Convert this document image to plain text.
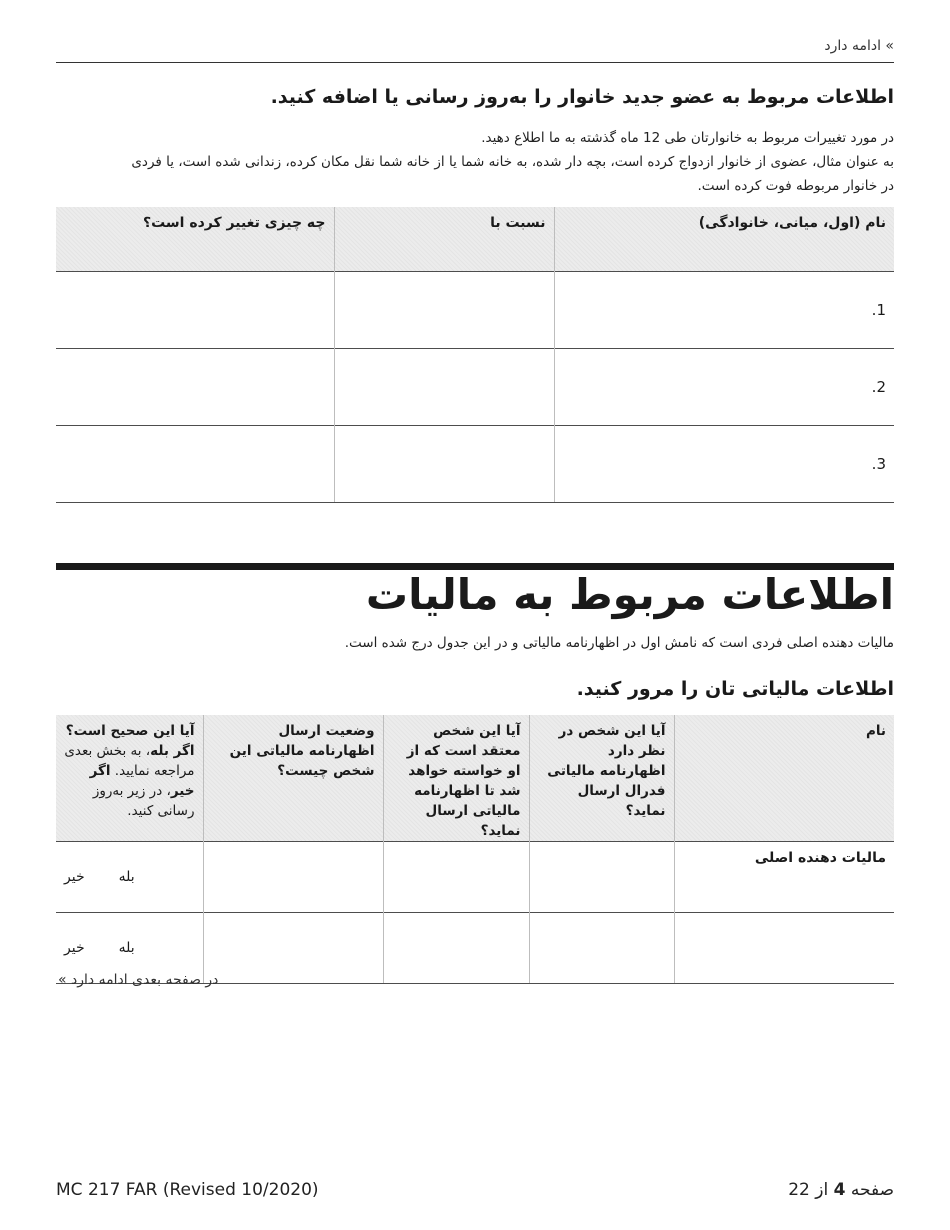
» ادامه دارد
اطلاعات مربوط به عضو جدید خانوار را به‌روز رسانی یا اضافه کنید.
در مورد تغییرات مربوط به خانوارتان طی 12 ماه گذشته به ما اطلاع دهید.
به عنوان مثال، عضوی از خانوار ازدواج کرده است، بچه دار شده، به خانه شما یا از خانه شما نقل مکان کرده، زندانی شده است، یا فردی
در خانوار مربوطه فوت کرده است.
نام (اول، میانی، خانوادگی)	نسبت با	چه چیزی تغییر کرده است؟
1.		
2.		
3.		
اطلاعات مربوط به مالیات
مالیات دهنده اصلی فردی است که نامش اول در اظهارنامه مالیاتی و در این جدول درج شده است.
اطلاعات مالیاتی تان را مرور کنید.
نام	آیا این شخص در نظر دارد اظهارنامه مالیاتی فدرال ارسال نماید؟	آیا این شخص معتقد است که از او خواسته خواهد شد تا اظهارنامه مالیاتی ارسال نماید؟	وضعیت ارسال اظهارنامه مالیاتی این شخص چیست؟	آیا این صحیح است؟
اگر بله، به بخش بعدی مراجعه نمایید. اگر خیر، در زیر به‌روز رسانی کنید.
مالیات دهنده اصلی				بله
خیر

				بله
خیر
در صفحه بعدی ادامه دارد »
MC 217 FAR (Revised 10/2020)	صفحه 4 از 22
